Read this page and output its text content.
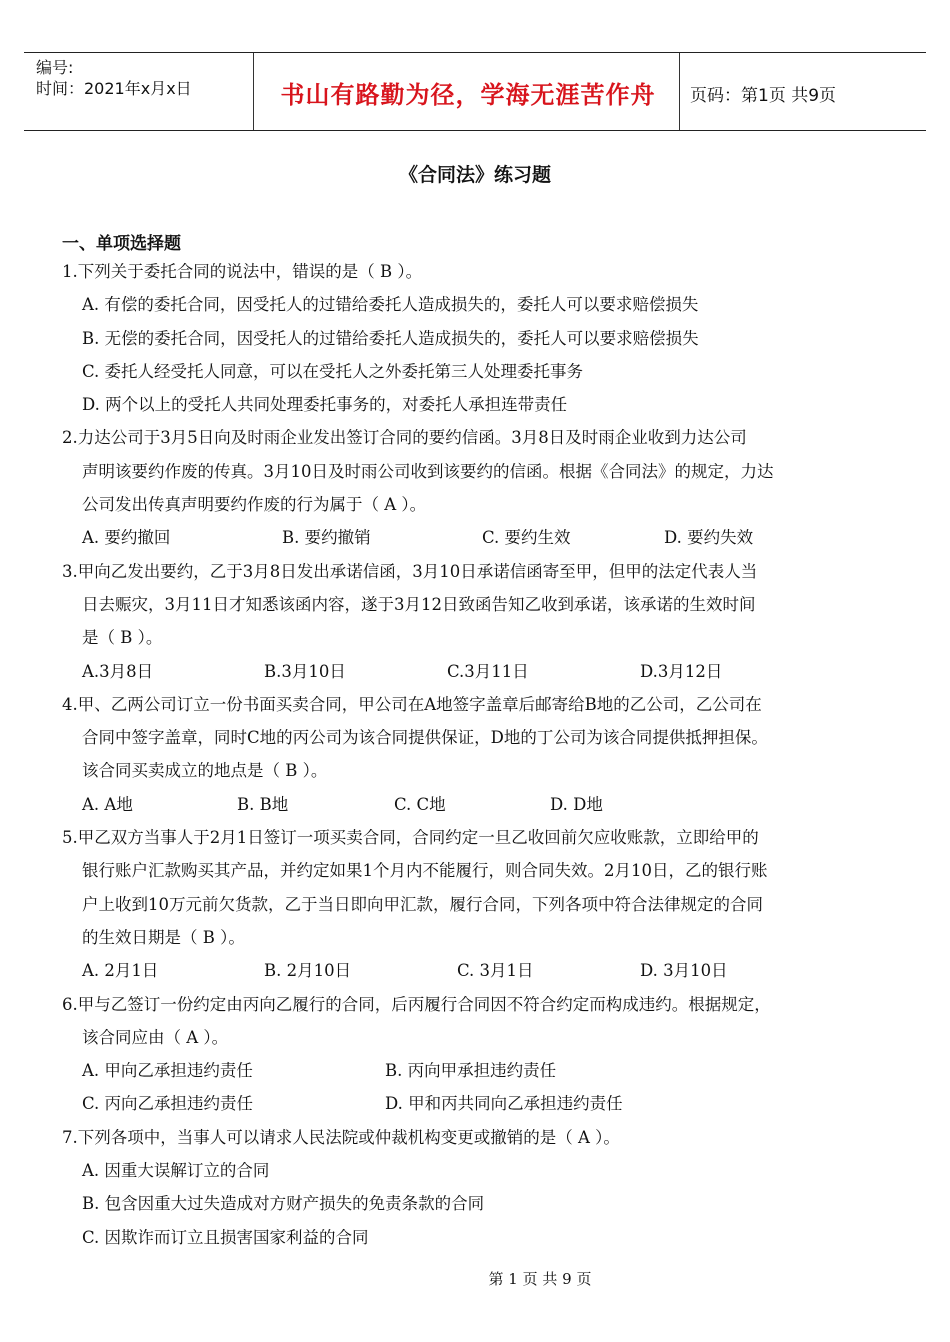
编号:
时间：2021年x月x日	书山有路勤为径，学海无涯苦作舟	页码：第1页 共9页
《合同法》练习题
一、单项选择题
1.下列关于委托合同的说法中，错误的是（ B ）。
A. 有偿的委托合同，因受托人的过错给委托人造成损失的，委托人可以要求赔偿损失
B. 无偿的委托合同，因受托人的过错给委托人造成损失的，委托人可以要求赔偿损失
C. 委托人经受托人同意，可以在受托人之外委托第三人处理委托事务
D. 两个以上的受托人共同处理委托事务的，对委托人承担连带责任
2.力达公司于3月5日向及时雨企业发出签订合同的要约信函。3月8日及时雨企业收到力达公司
声明该要约作废的传真。3月10日及时雨公司收到该要约的信函。根据《合同法》的规定，力达
公司发出传真声明要约作废的行为属于（ A ）。
A. 要约撤回	B. 要约撤销	C. 要约生效	D. 要约失效
3.甲向乙发出要约，乙于3月8日发出承诺信函，3月10日承诺信函寄至甲，但甲的法定代表人当
日去赈灾，3月11日才知悉该函内容，遂于3月12日致函告知乙收到承诺，该承诺的生效时间
是（ B ）。
A.3月8日	B.3月10日	C.3月11日	D.3月12日
4.甲、乙两公司订立一份书面买卖合同，甲公司在A地签字盖章后邮寄给B地的乙公司，乙公司在
合同中签字盖章，同时C地的丙公司为该合同提供保证，D地的丁公司为该合同提供抵押担保。
该合同买卖成立的地点是（ B ）。
A. A地	B. B地	C. C地	D. D地
5.甲乙双方当事人于2月1日签订一项买卖合同，合同约定一旦乙收回前欠应收账款，立即给甲的
银行账户汇款购买其产品，并约定如果1个月内不能履行，则合同失效。2月10日，乙的银行账
户上收到10万元前欠货款，乙于当日即向甲汇款，履行合同，下列各项中符合法律规定的合同
的生效日期是（ B ）。
A. 2月1日	B. 2月10日	C. 3月1日	D. 3月10日
6.甲与乙签订一份约定由丙向乙履行的合同，后丙履行合同因不符合约定而构成违约。根据规定，
该合同应由（ A ）。
A. 甲向乙承担违约责任	B. 丙向甲承担违约责任
C. 丙向乙承担违约责任	D. 甲和丙共同向乙承担违约责任
7.下列各项中，当事人可以请求人民法院或仲裁机构变更或撤销的是（ A ）。
A. 因重大误解订立的合同
B. 包含因重大过失造成对方财产损失的免责条款的合同
C. 因欺诈而订立且损害国家利益的合同
第 1 页 共 9 页
